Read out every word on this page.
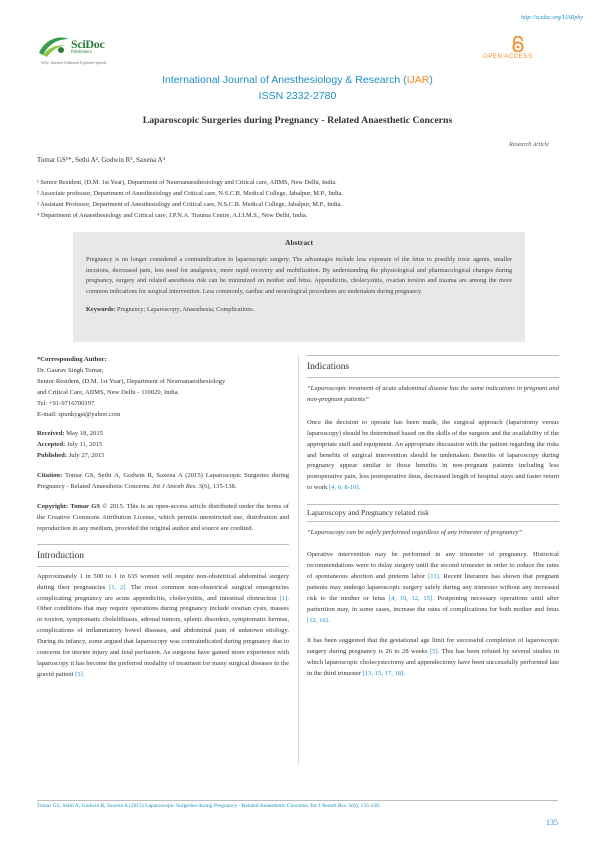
http://scidoc.org/IJARphy
SciDoc
Publishers
Why, Internet Adhesion Eighteen Speeds
OPEN ACCESS
International Journal of Anesthesiology & Research (IJAR)
ISSN 2332-2780
Laparoscopic Surgeries during Pregnancy - Related Anaesthetic Concerns
Research Article
Tomar GS¹*, Sethi A², Godwin R³, Saxena A⁴
¹ Senior Resident, (D.M. 1st Year), Department of Neuroanaesthesiology and Critical care, AIIMS, New Delhi, India.
² Associate professor, Department of Anesthesiology and Critical care, N.S.C.B. Medical College, Jabalpur, M.P., India.
³ Assistant Professor, Department of Anesthesiology and Critical care, N.S.C.B. Medical College, Jabalpur, M.P., India.
⁴ Department of Anaesthesiology and Critical care, J.P.N.A. Trauma Centre, A.I.I.M.S., New Delhi, India.
Abstract
Pregnancy is no longer considered a contraindication to laparoscopic surgery. The advantages include less exposure of the fetus to possibly toxic agents, smaller incisions, decreased pain, less need for analgesics, more rapid recovery and mobilization. By understanding the physiological and pharmacological changes during pregnancy, surgery and related anesthesia risk can be minimized on mother and fetus. Appendicitis, cholecystitis, ovarian torsion and trauma are among the more common indications for surgical intervention. Less commonly, cardiac and neurological procedures are undertaken during pregnancy.
Keywords: Pregnancy; Laparoscopy; Anaesthesia; Complications.
*Corresponding Author:
Dr. Gaurav Singh Tomar,
Senior Resident, (D.M. 1st Year), Department of Neuroanaesthesiology
and Critical Care, AIIMS, New Delhi - 110029, India.
Tel: +91-9716700197
E-mail: spunkygst@yahoo.com
Received: May 18, 2015
Accepted: July 11, 2015
Published: July 27, 2015
Citation: Tomar GS, Sethi A, Godwin R, Saxena A (2015) Laparoscopic Surgeries during Pregnancy - Related Anaesthetic Concerns. Int J Anesth Res. 3(6), 135-138.
Copyright: Tomar GS © 2015. This is an open-access article distributed under the terms of the Creative Commons Attribution License, which permits unrestricted use, distribution and reproduction in any medium, provided the original author and source are credited.
Introduction
Approximately 1 in 500 to 1 in 635 women will require non-obstetrical abdominal surgery during their pregnancies [1, 2]. The most common non-obstetrical surgical emergencies complicating pregnancy are acute appendicitis, cholecystitis, and intestinal obstruction [1]. Other conditions that may require operations during pregnancy include ovarian cysts, masses or torsion, symptomatic cholelithiasis, adrenal tumors, splenic disorders, symptomatic hernias, complications of inflammatory bowel diseases, and abdominal pain of unknown etiology. During its infancy, some argued that laparoscopy was contraindicated during pregnancy due to concerns for uterine injury and fetal perfusion. As surgeons have gained more experience with laparoscopy it has become the preferred modality of treatment for many surgical diseases in the gravid patient [3].
Indications
“Laparoscopic treatment of acute abdominal disease has the same indications in pregnant and non-pregnant patients”
Once the decision to operate has been made, the surgical approach (laparotomy versus laparoscopy) should be determined based on the skills of the surgeon and the availability of the appropriate staff and equipment. An appropriate discussion with the patient regarding the risks and benefits of surgical intervention should be undertaken. Benefits of laparoscopy during pregnancy appear similar to those benefits in non-pregnant patients including less postoperative pain, less postoperative ileus, decreased length of hospital stays and faster return to work [4, 6, 8-10].
Laparoscopy and Pregnancy related risk
“Laparoscopy can be safely performed regardless of any trimester of pregnancy”
Operative intervention may be performed in any trimester of pregnancy. Historical recommendations were to delay surgery until the second trimester in order to reduce the rates of spontaneous abortion and preterm labor [11]. Recent literature has shown that pregnant patients may undergo laparoscopic surgery safely during any trimester without any increased risk to the mother or fetus [4, 10, 12, 15]. Postponing necessary operations until after parturition may, in some cases, increase the rates of complications for both mother and fetus [12, 16].
It has been suggested that the gestational age limit for successful completion of laparoscopic surgery during pregnancy is 26 to 28 weeks [5]. This has been refuted by several studies in which laparoscopic cholecystectomy and appendectomy have been successfully performed late in the third trimester [13, 15, 17, 18].
Tomar GS, Sethi A, Godwin R, Saxena A (2015) Laparoscopic Surgeries during Pregnancy - Related Anaesthetic Concerns. Int J Anesth Res. 3(6), 135-138.
135
